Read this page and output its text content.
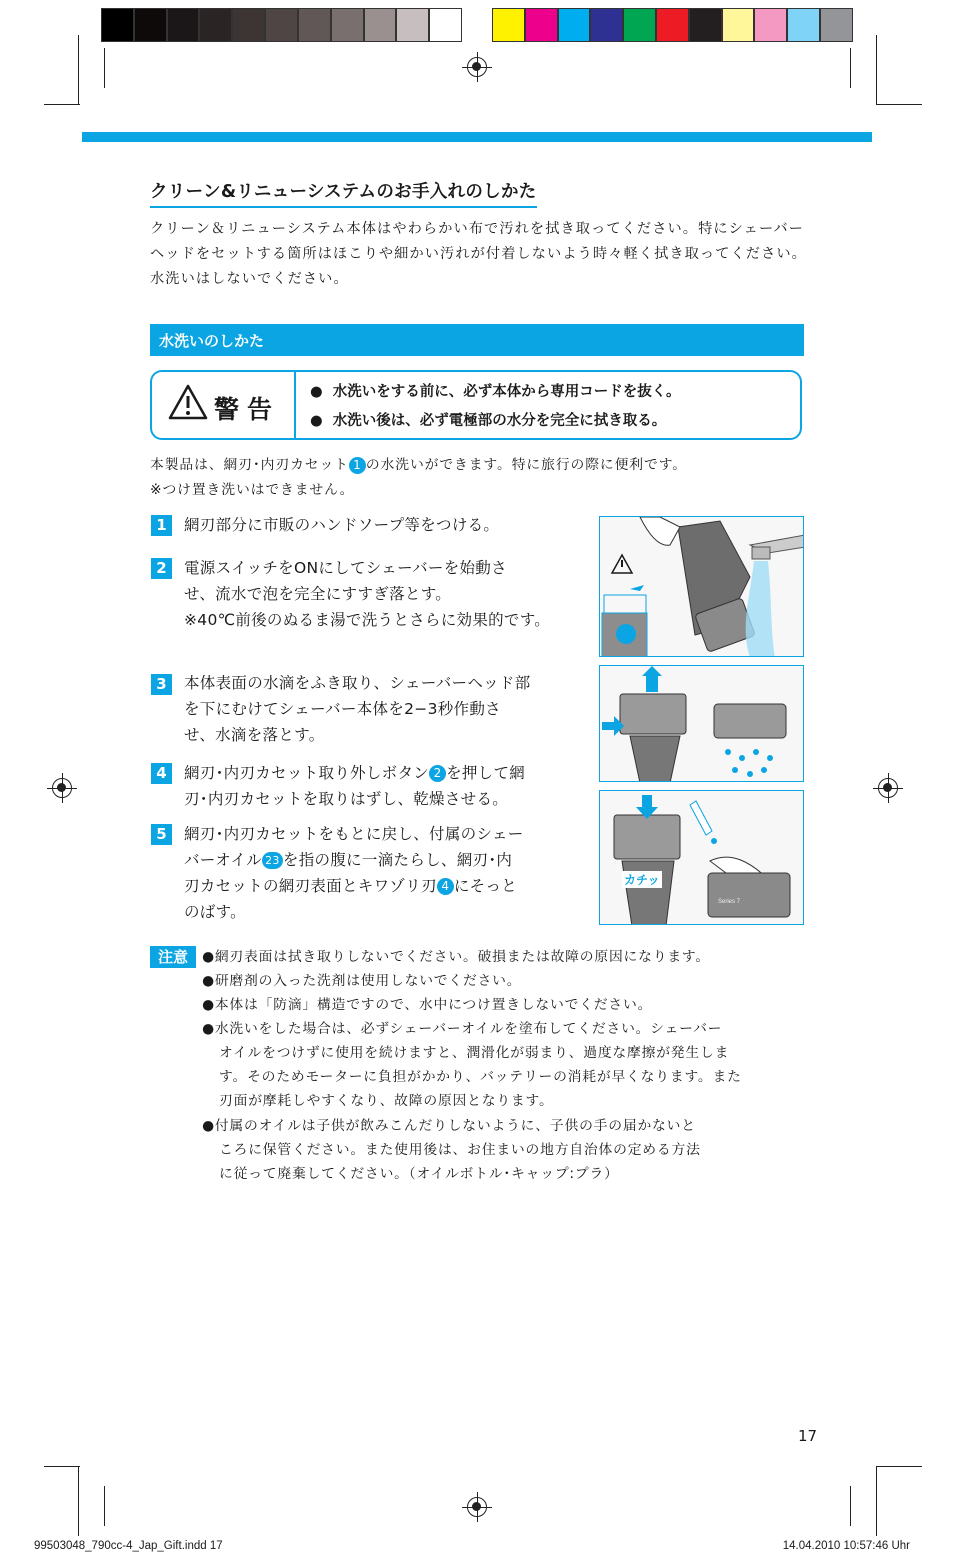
クリーン&リニューシステムのお手入れのしかた
クリーン＆リニューシステム本体はやわらかい布で汚れを拭き取ってください。特にシェーバーヘッドをセットする箇所はほこりや細かい汚れが付着しないよう時々軽く拭き取ってください。水洗いはしないでください。
水洗いのしかた
警告
●  水洗いをする前に、必ず本体から専用コードを抜く。
●  水洗い後は、必ず電極部の水分を完全に拭き取る。
本製品は、網刃･内刃カセット 1 の水洗いができます。特に旅行の際に便利です。
※つけ置き洗いはできません。
1	網刃部分に市販のハンドソープ等をつける。
2	電源スイッチをONにしてシェーバーを始動さ
せ、流水で泡を完全にすすぎ落とす。
※40℃前後のぬるま湯で洗うとさらに効果的です。
3	本体表面の水滴をふき取り、シェーバーヘッド部
を下にむけてシェーバー本体を2−3秒作動さ
せ、水滴を落とす。
4	網刃･内刃カセット取り外しボタン 2 を押して網
刃･内刃カセットを取りはずし、乾燥させる。
5	網刃･内刃カセットをもとに戻し、付属のシェー
バーオイル 23 を指の腹に一滴たらし、網刃･内
刃カセットの網刃表面とキワゾリ刃 4 にそっと
のばす。
Series 7
カチッ
注意	●網刃表面は拭き取りしないでください。破損または故障の原因になります。
●研磨剤の入った洗剤は使用しないでください。
●本体は「防滴」構造ですので、水中につけ置きしないでください。
●水洗いをした場合は、必ずシェーバーオイルを塗布してください。シェーバー
オイルをつけずに使用を続けますと、潤滑化が弱まり、過度な摩擦が発生しま
す。そのためモーターに負担がかかり、バッテリーの消耗が早くなります。また
刃面が摩耗しやすくなり、故障の原因となります。
●付属のオイルは子供が飲みこんだりしないように、子供の手の届かないと
ころに保管ください。また使用後は、お住まいの地方自治体の定める方法
に従って廃棄してください。（オイルボトル･キャップ:プラ）
17
99503048_790cc-4_Jap_Gift.indd 17	14.04.2010 10:57:46 Uhr
